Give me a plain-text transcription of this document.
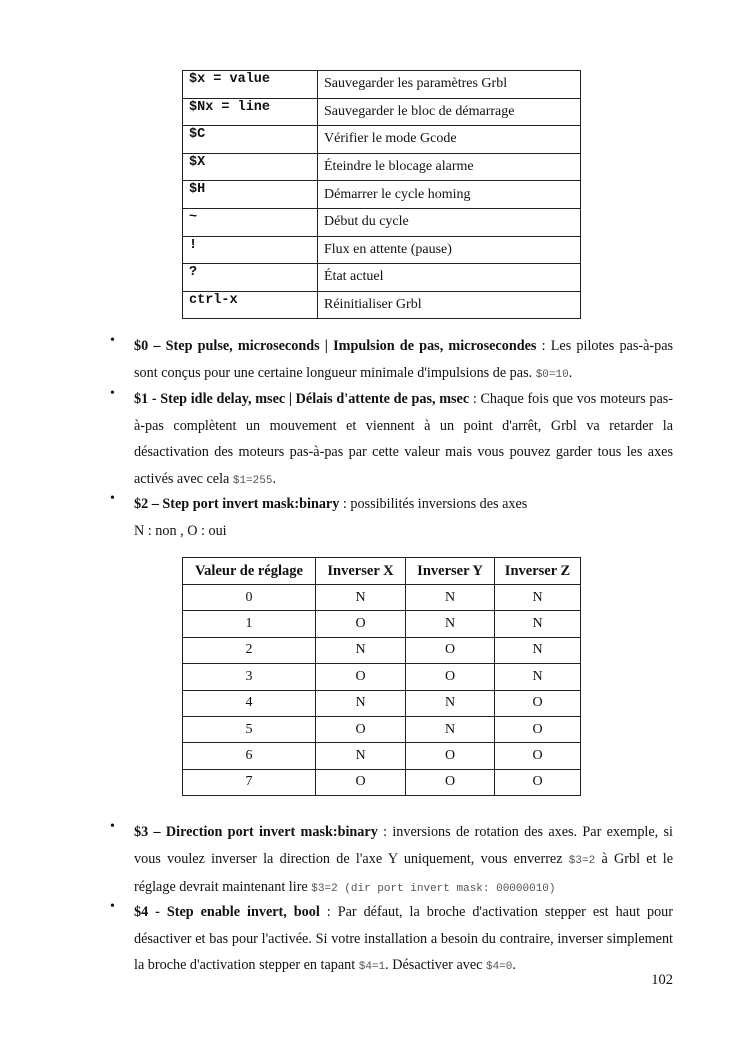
$x = value	Sauvegarder les paramètres Grbl
$Nx = line	Sauvegarder le bloc de démarrage
$C	Vérifier le mode Gcode
$X	Éteindre le blocage alarme
$H	Démarrer le cycle homing
~	Début du cycle
!	Flux en attente (pause)
?	État actuel
ctrl-x	Réinitialiser Grbl
• $0 – Step pulse, microseconds | Impulsion de pas, microsecondes : Les pilotes pas-à-pas sont conçus pour une certaine longueur minimale d'impulsions de pas. $0=10.
• $1 - Step idle delay, msec | Délais d'attente de pas, msec : Chaque fois que vos moteurs pas-à-pas complètent un mouvement et viennent à un point d'arrêt, Grbl va retarder la désactivation des moteurs pas-à-pas par cette valeur mais vous pouvez garder tous les axes activés avec cela $1=255.
• $2 – Step port invert mask:binary : possibilités inversions des axes
N : non , O : oui
Valeur de réglage	Inverser X	Inverser Y	Inverser Z
0	N	N	N
1	O	N	N
2	N	O	N
3	O	O	N
4	N	N	O
5	O	N	O
6	N	O	O
7	O	O	O
• $3 – Direction port invert mask:binary : inversions de rotation des axes. Par exemple, si vous voulez inverser la direction de l'axe Y uniquement, vous enverrez $3=2 à Grbl et le réglage devrait maintenant lire $3=2 (dir port invert mask: 00000010)
• $4 - Step enable invert, bool : Par défaut, la broche d'activation stepper est haut pour désactiver et bas pour l'activée. Si votre installation a besoin du contraire, inverser simplement la broche d'activation stepper en tapant $4=1. Désactiver avec $4=0.
102
